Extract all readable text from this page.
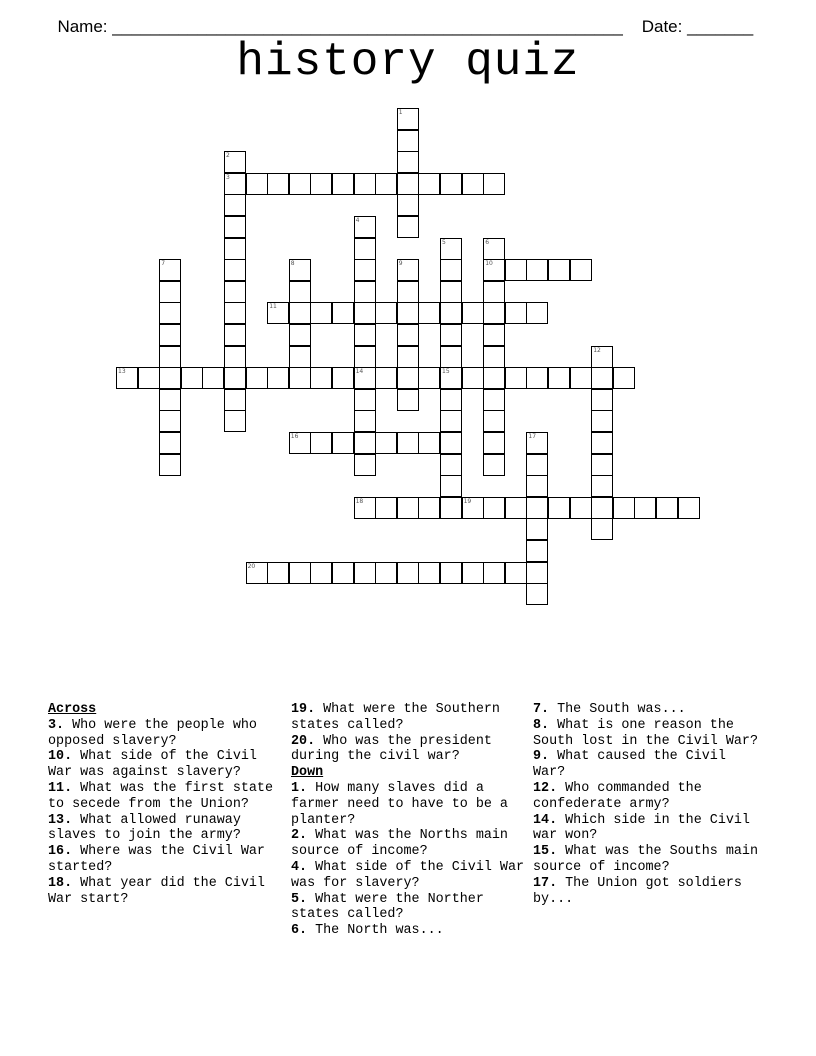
Name: ______________________________________________________ Date: _______

history quiz
1
2
3
4
14
5
15
6
10
7	8	9
11
12
13
16	17
18	19
20

Across

3. Who were the people who opposed slavery?

10. What side of the Civil War was against slavery?

11. What was the first state to secede from the Union?

13. What allowed runaway slaves to join the army?

16. Where was the Civil War started?

18. What year did the Civil War start?

19. What were the Southern states called?

20. Who was the president during the civil war?

Down

1. How many slaves did a farmer need to have to be a planter?

2. What was the Norths main source of income?

4. What side of the Civil War was for slavery?

5. What were the Norther states called?

6. The North was...

7. The South was...

8. What is one reason the South lost in the Civil War?

9. What caused the Civil War?

12. Who commanded the confederate army?

14. Which side in the Civil war won?

15. What was the Souths main source of income?

17. The Union got soldiers by...
